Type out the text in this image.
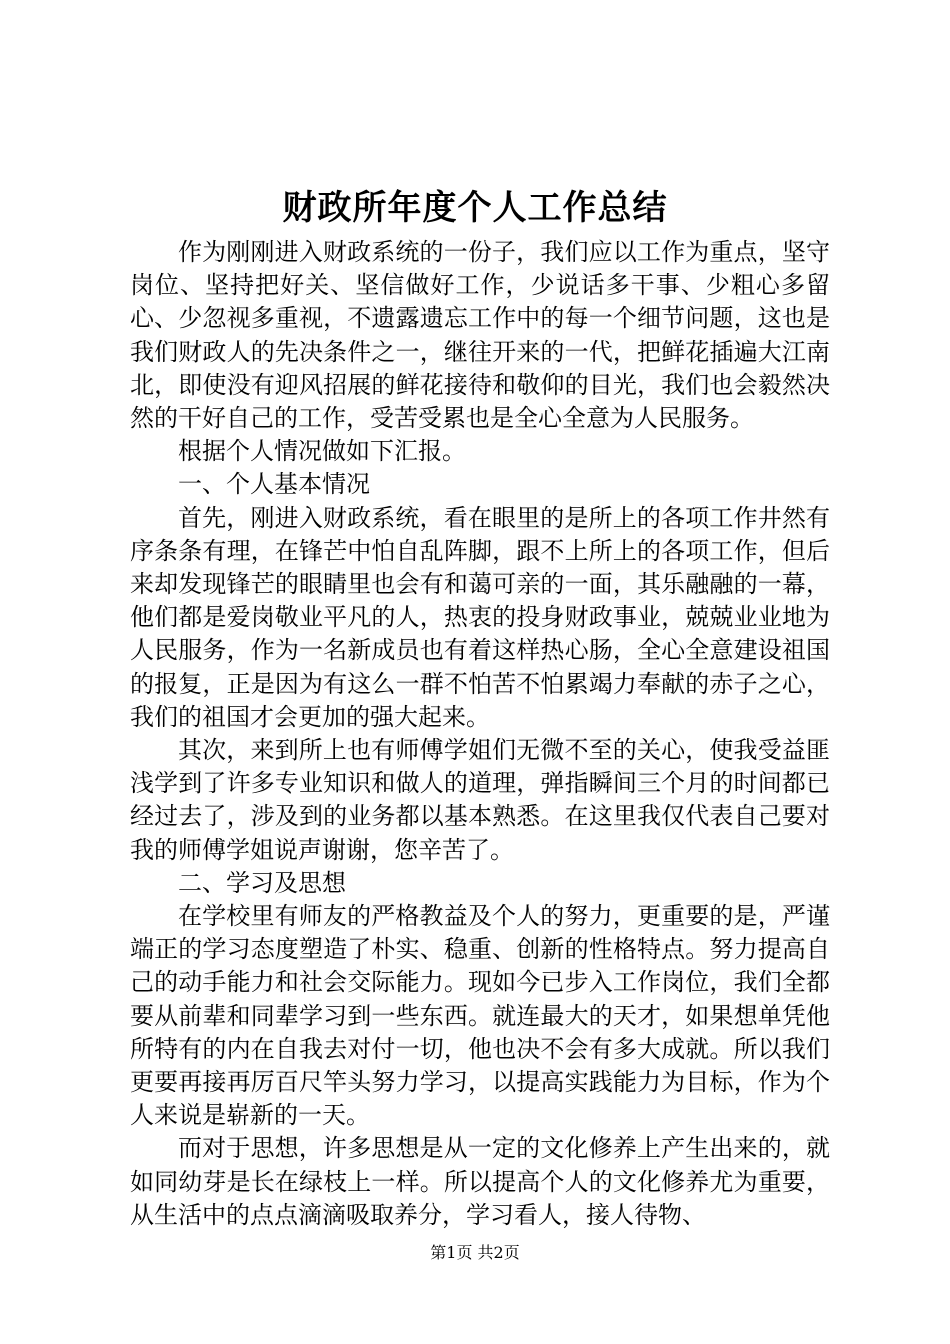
财政所年度个人工作总结

作为刚刚进入财政系统的一份子，我们应以工作为重点，坚守岗位、坚持把好关、坚信做好工作，少说话多干事、少粗心多留心、少忽视多重视，不遗露遗忘工作中的每一个细节问题，这也是我们财政人的先决条件之一，继往开来的一代，把鲜花插遍大江南北，即使没有迎风招展的鲜花接待和敬仰的目光，我们也会毅然决然的干好自己的工作，受苦受累也是全心全意为人民服务。

根据个人情况做如下汇报。

一、个人基本情况

首先，刚进入财政系统，看在眼里的是所上的各项工作井然有序条条有理，在锋芒中怕自乱阵脚，跟不上所上的各项工作，但后来却发现锋芒的眼睛里也会有和蔼可亲的一面，其乐融融的一幕，他们都是爱岗敬业平凡的人，热衷的投身财政事业，兢兢业业地为人民服务，作为一名新成员也有着这样热心肠，全心全意建设祖国的报复，正是因为有这么一群不怕苦不怕累竭力奉献的赤子之心，我们的祖国才会更加的强大起来。

其次，来到所上也有师傅学姐们无微不至的关心，使我受益匪浅学到了许多专业知识和做人的道理，弹指瞬间三个月的时间都已经过去了，涉及到的业务都以基本熟悉。在这里我仅代表自己要对我的师傅学姐说声谢谢，您辛苦了。

二、学习及思想

在学校里有师友的严格教益及个人的努力，更重要的是，严谨端正的学习态度塑造了朴实、稳重、创新的性格特点。努力提高自己的动手能力和社会交际能力。现如今已步入工作岗位，我们全都要从前辈和同辈学习到一些东西。就连最大的天才，如果想单凭他所特有的内在自我去对付一切，他也决不会有多大成就。所以我们更要再接再厉百尺竿头努力学习，以提高实践能力为目标，作为个人来说是崭新的一天。

而对于思想，许多思想是从一定的文化修养上产生出来的，就如同幼芽是长在绿枝上一样。所以提高个人的文化修养尤为重要，从生活中的点点滴滴吸取养分，学习看人，接人待物、

第1页 共2页
